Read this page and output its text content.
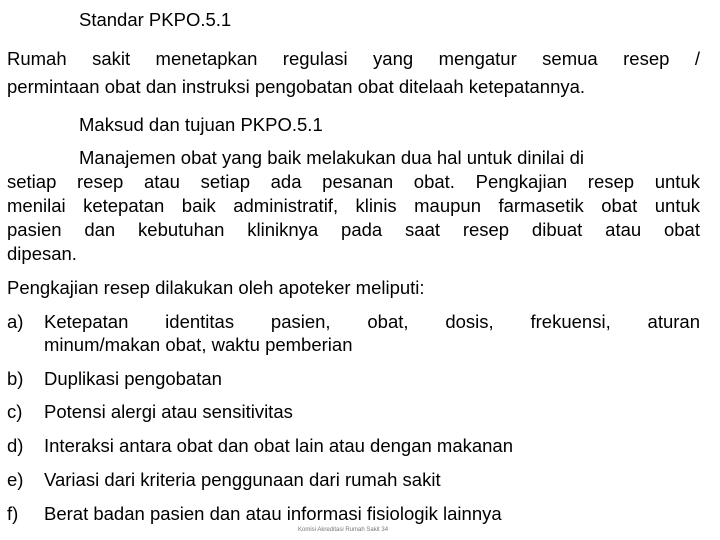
Standar PKPO.5.1
Rumah sakit menetapkan regulasi yang mengatur semua resep /
permintaan obat dan instruksi pengobatan obat ditelaah ketepatannya.
Maksud dan tujuan PKPO.5.1
Manajemen obat yang baik melakukan dua hal untuk dinilai di
setiap resep atau setiap ada pesanan obat. Pengkajian resep untuk
menilai ketepatan baik administratif, klinis maupun farmasetik obat untuk
pasien dan kebutuhan kliniknya pada saat resep dibuat atau obat
dipesan.
Pengkajian resep dilakukan oleh apoteker meliputi:
a) Ketepatan identitas pasien, obat, dosis, frekuensi, aturan
minum/makan obat, waktu pemberian
b) Duplikasi pengobatan
c) Potensi alergi atau sensitivitas
d) Interaksi antara obat dan obat lain atau dengan makanan
e) Variasi dari kriteria penggunaan dari rumah sakit
f) Berat badan pasien dan atau informasi fisiologik lainnya
Komisi Akreditasi Rumah Sakit 34
